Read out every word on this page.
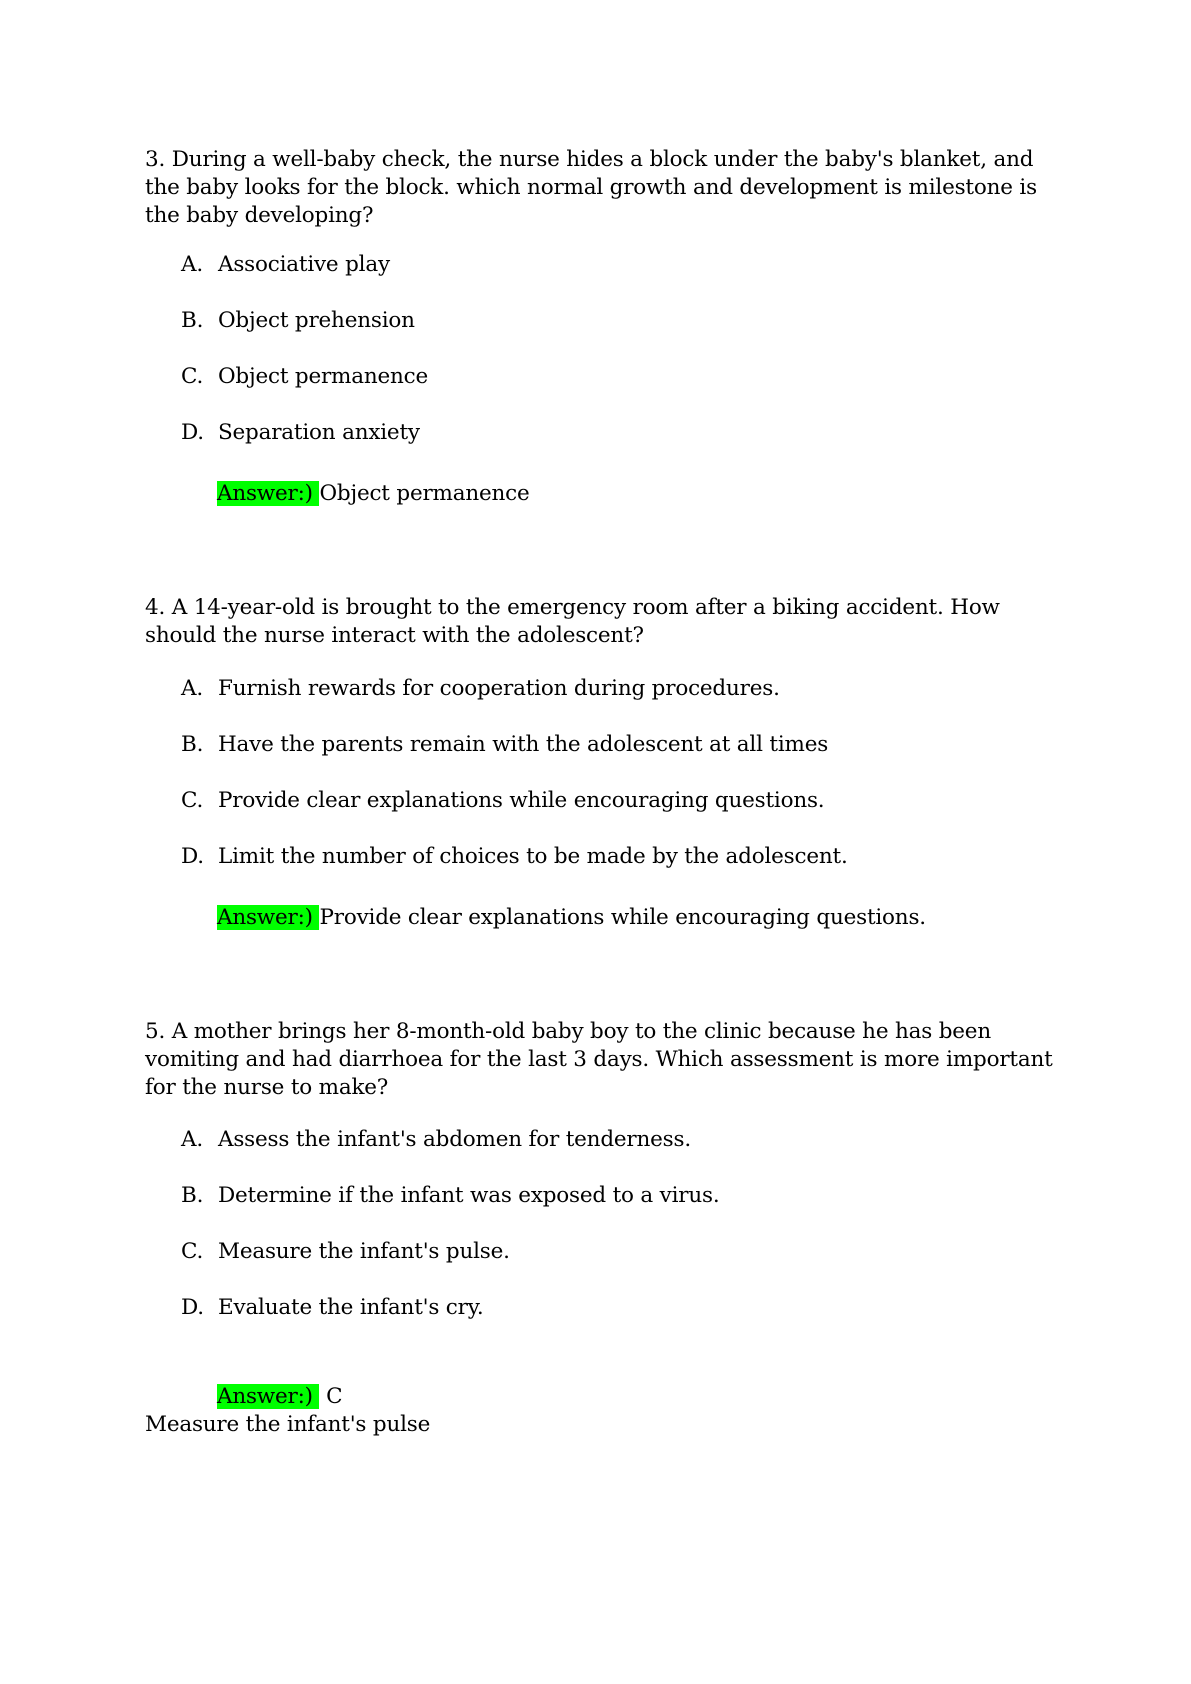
3. During a well-baby check, the nurse hides a block under the baby's blanket, and the baby looks for the block. which normal growth and development is milestone is the baby developing?

A. Associative play
B. Object prehension
C. Object permanence
D. Separation anxiety
Answer:) Object permanence

4. A 14-year-old is brought to the emergency room after a biking accident. How should the nurse interact with the adolescent?

A. Furnish rewards for cooperation during procedures.
B. Have the parents remain with the adolescent at all times
C. Provide clear explanations while encouraging questions.
D. Limit the number of choices to be made by the adolescent.
Answer:) Provide clear explanations while encouraging questions.

5. A mother brings her 8-month-old baby boy to the clinic because he has been vomiting and had diarrhoea for the last 3 days. Which assessment is more important for the nurse to make?

A. Assess the infant's abdomen for tenderness.
B. Determine if the infant was exposed to a virus.
C. Measure the infant's pulse.
D. Evaluate the infant's cry.
Answer:)  C
Measure the infant's pulse
